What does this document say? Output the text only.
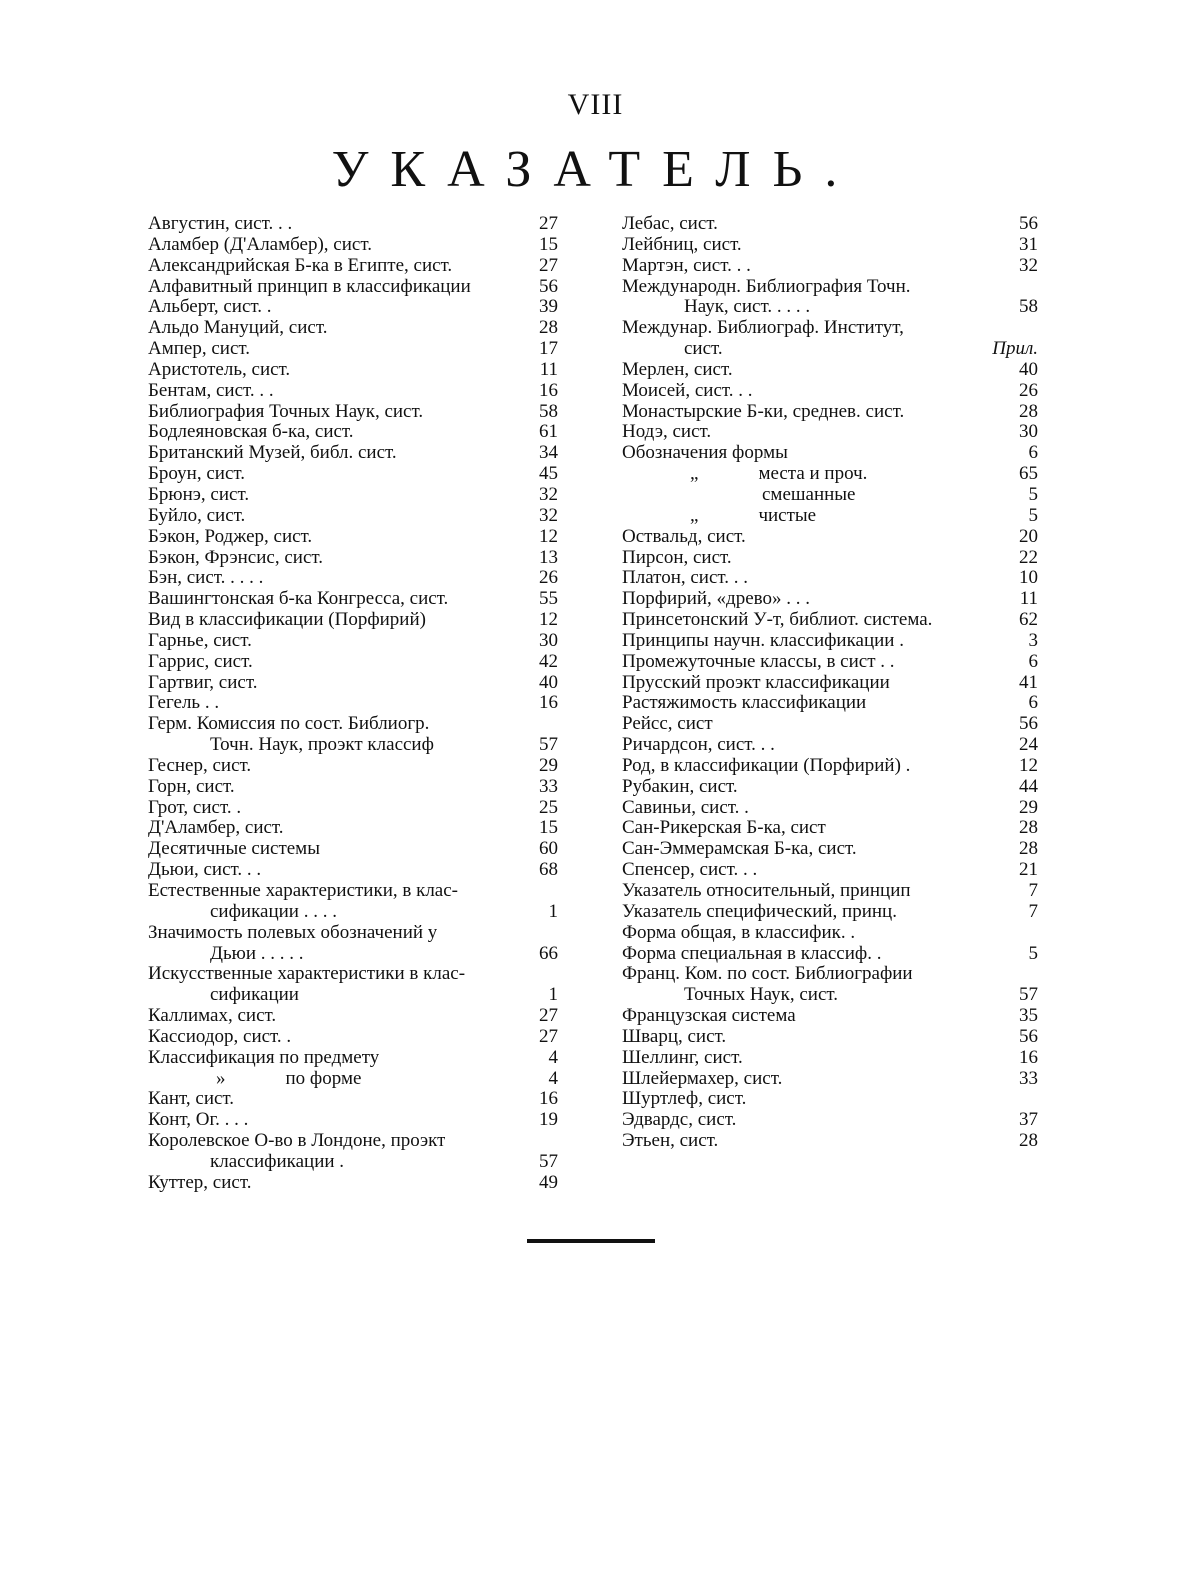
VIII
УКАЗАТЕЛЬ.
Августин, сист. . .	27
Аламбер (Д'Аламбер), сист.	15
Александрийская Б-ка в Египте, сист.	27
Алфавитный принцип в классификации	56
Альберт, сист. .	39
Альдо Мануций, сист.	28
Ампер, сист.	17
Аристотель, сист.	11
Бентам, сист. . .	16
Библиография Точных Наук, сист.	58
Бодлеяновская б-ка, сист.	61
Британский Музей, библ. сист.	34
Броун, сист.	45
Брюнэ, сист.	32
Буйло, сист.	32
Бэкон, Роджер, сист.	12
Бэкон, Фрэнсис, сист.	13
Бэн, сист. . . . .	26
Вашингтонская б-ка Конгресса, сист.	55
Вид в классификации (Порфирий)	12
Гарнье, сист.	30
Гаррис, сист.	42
Гартвиг, сист.	40
Гегель . .	16
Герм. Комиссия по сост. Библиогр.
Точн. Наук, проэкт классиф	57
Геснер, сист.	29
Горн, сист.	33
Грот, сист. .	25
Д'Аламбер, сист.	15
Десятичные системы	60
Дьюи, сист. . .	68
Естественные характеристики, в клас-
сификации . . . .	1
Значимость полевых обозначений у
Дьюи . . . . .	66
Искусственные характеристики в клас-
сификации	1
Каллимах, сист.	27
Кассиодор, сист. .	27
Классификация по предмету	4
»	по форме	4
Кант, сист.	16
Конт, Ог. . . .	19
Королевское О-во в Лондоне, проэкт
классификации .	57
Куттер, сист.	49
Лебас, сист.	56
Лейбниц, сист.	31
Мартэн, сист. . .	32
Международн. Библиография Точн.
Наук, сист. . . . .	58
Междунар. Библиограф. Институт,
сист.	Прил.
Мерлен, сист.	40
Моисей, сист. . .	26
Монастырские Б-ки, среднев. сист.	28
Нодэ, сист.	30
Обозначения формы	6
„	места и проч.	65
смешанные	5
„	чистые	5
Оствальд, сист.	20
Пирсон, сист.	22
Платон, сист. . .	10
Порфирий, «древо» . . .	11
Принсетонский У-т, библиот. система.	62
Принципы научн. классификации .	3
Промежуточные классы, в сист . .	6
Прусский проэкт классификации	41
Растяжимость классификации	6
Рейсс, сист	56
Ричардсон, сист. . .	24
Род, в классификации (Порфирий) .	12
Рубакин, сист.	44
Савиньи, сист. .	29
Сан-Рикерская Б-ка, сист	28
Сан-Эммерамская Б-ка, сист.	28
Спенсер, сист. . .	21
Указатель относительный, принцип	7
Указатель специфический, принц.	7
Форма общая, в классифик. .
Форма специальная в классиф. .	5
Франц. Ком. по сост. Библиографии
Точных Наук, сист.	57
Французская система	35
Шварц, сист.	56
Шеллинг, сист.	16
Шлейермахер, сист.	33
Шуртлеф, сист.
Эдвардс, сист.	37
Этьен, сист.	28
